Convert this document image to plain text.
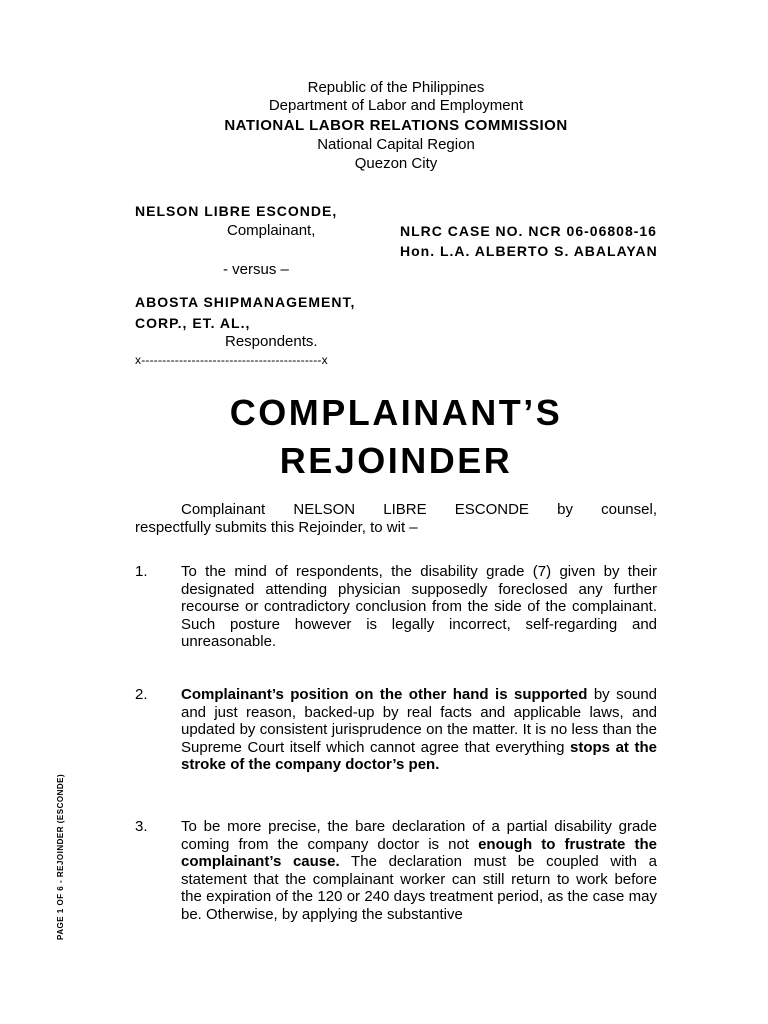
Republic of the Philippines
Department of Labor and Employment
NATIONAL LABOR RELATIONS COMMISSION
National Capital Region
Quezon City
NELSON LIBRE ESCONDE,
Complainant,	NLRC CASE NO. NCR 06-06808-16
Hon. L.A. ALBERTO S. ABALAYAN
- versus –
ABOSTA SHIPMANAGEMENT,
CORP., ET. AL.,
Respondents.
x-------------------------------------------x
COMPLAINANT’S
REJOINDER
Complainant NELSON LIBRE ESCONDE by counsel,
respectfully submits this Rejoinder, to wit –
1. To the mind of respondents, the disability grade (7) given by their designated attending physician supposedly foreclosed any further recourse or contradictory conclusion from the side of the complainant. Such posture however is legally incorrect, self-regarding and unreasonable.
2. Complainant’s position on the other hand is supported by sound and just reason, backed-up by real facts and applicable laws, and updated by consistent jurisprudence on the matter. It is no less than the Supreme Court itself which cannot agree that everything stops at the stroke of the company doctor’s pen.
3. To be more precise, the bare declaration of a partial disability grade coming from the company doctor is not enough to frustrate the complainant’s cause. The declaration must be coupled with a statement that the complainant worker can still return to work before the expiration of the 120 or 240 days treatment period, as the case may be. Otherwise, by applying the substantive
PAGE 1 OF 6 - REJOINDER (ESCONDE)
